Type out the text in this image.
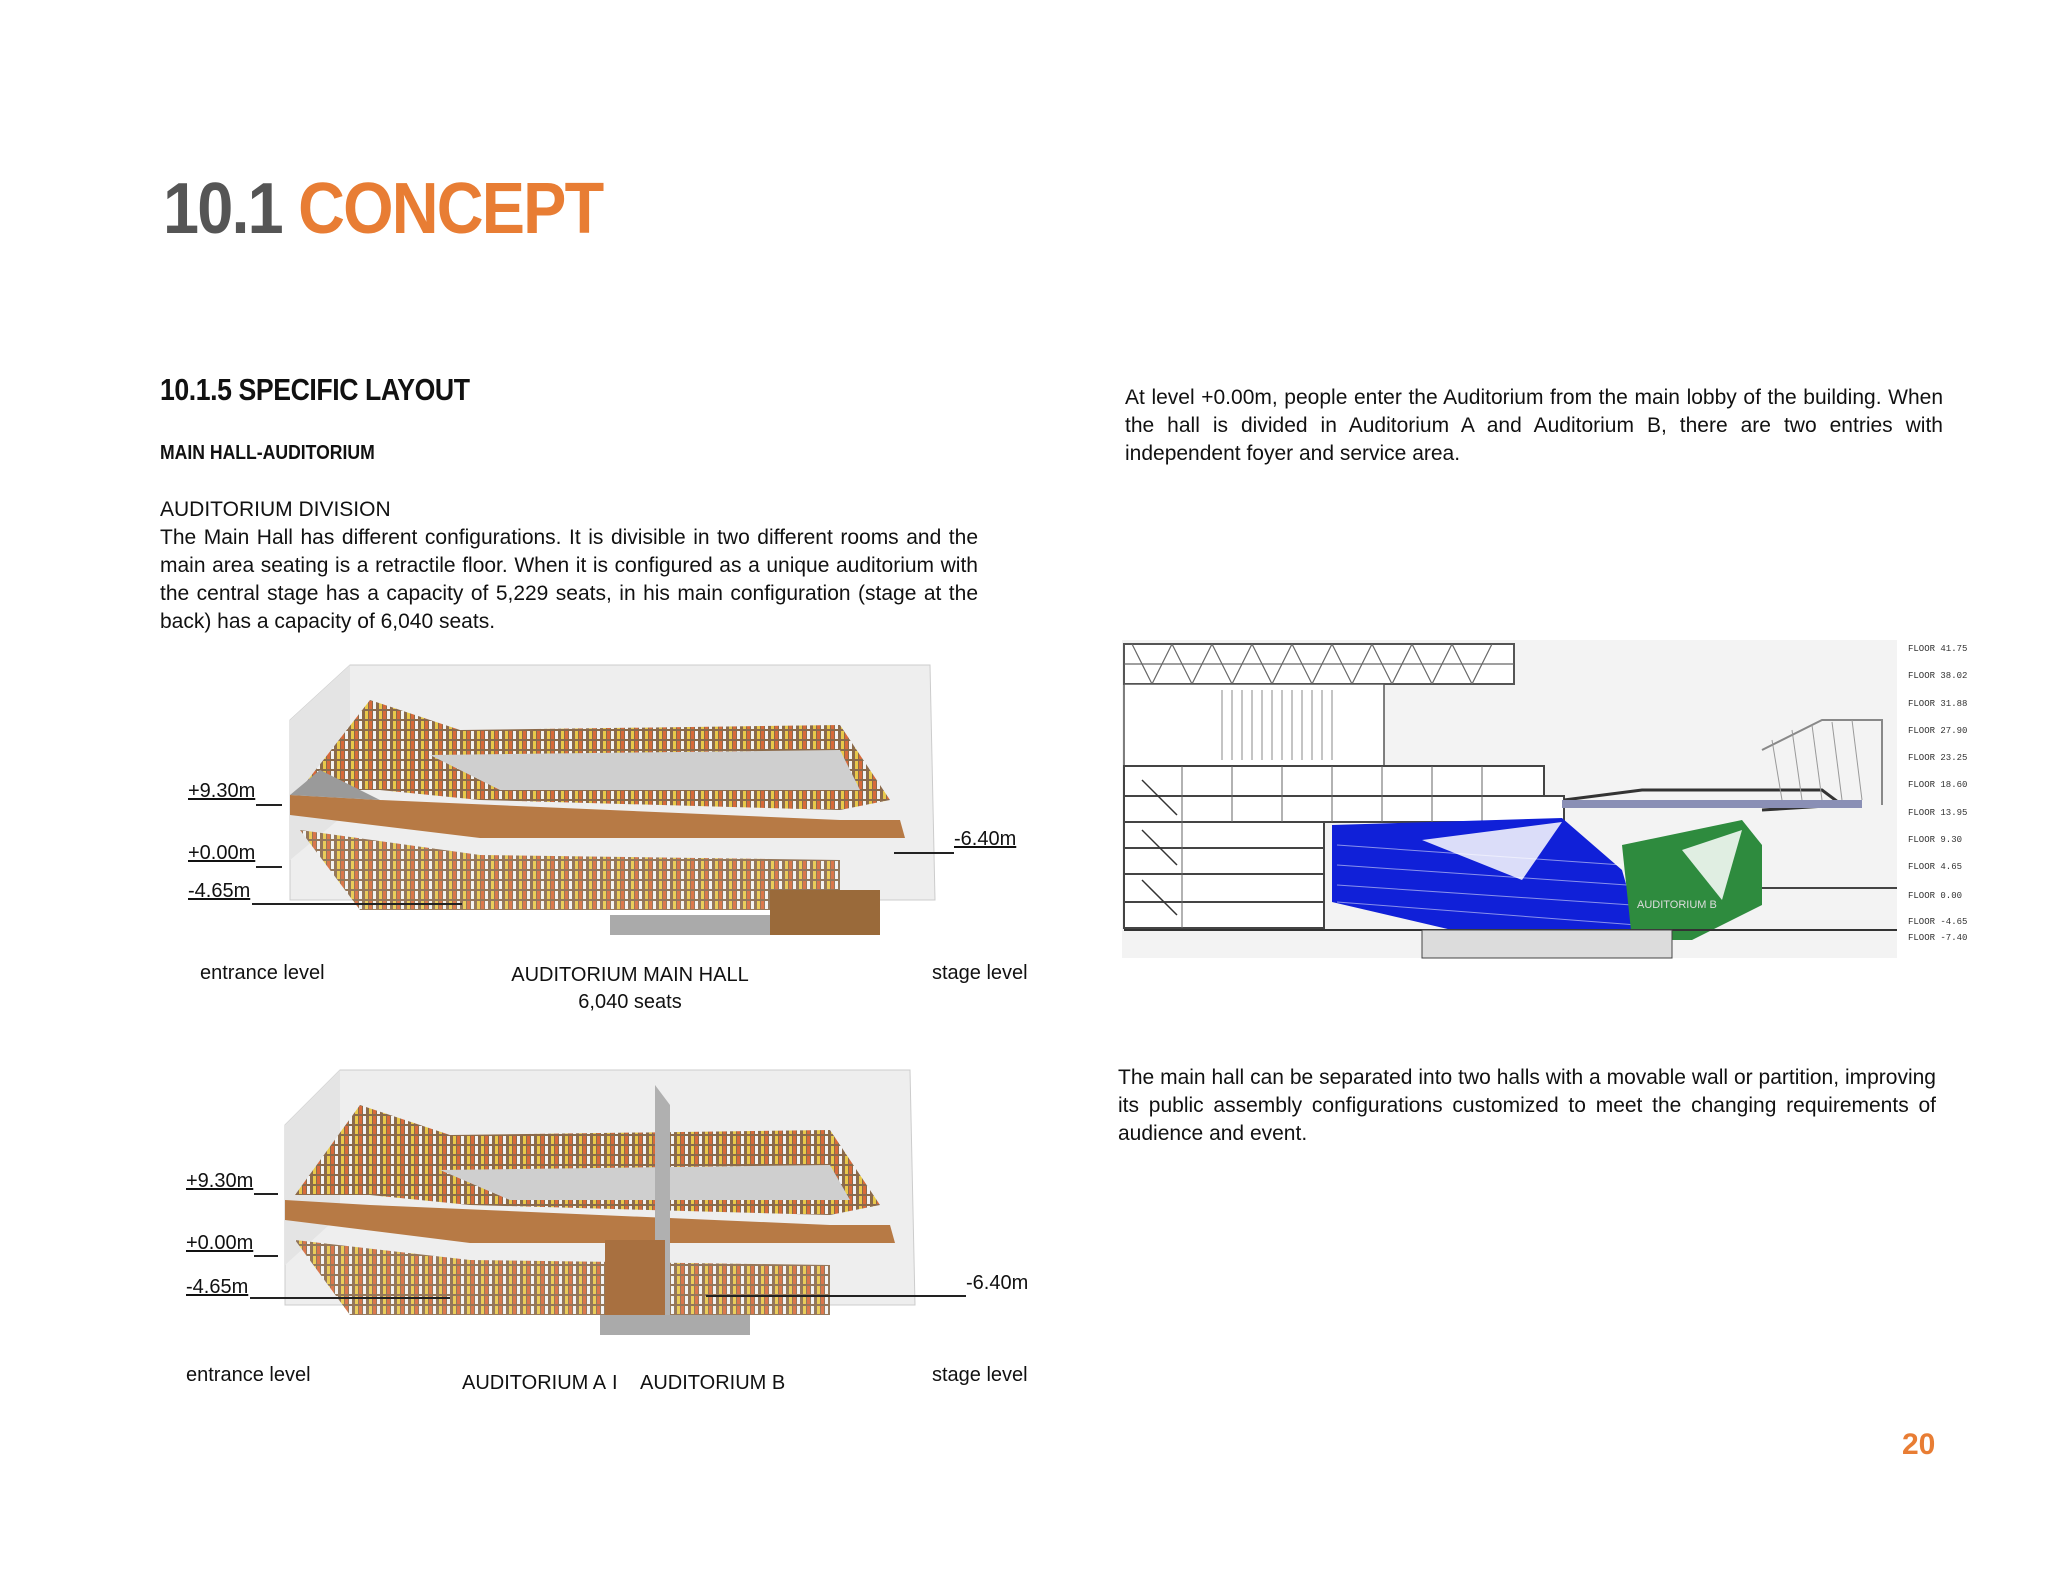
10.1 CONCEPT
10.1.5 SPECIFIC LAYOUT
MAIN HALL-AUDITORIUM
AUDITORIUM DIVISION
The Main Hall has different configurations. It is divisible in two different rooms and the main area seating is a retractile floor. When it is configured as a unique auditorium with the central stage has a capacity of 5,229 seats, in his main configuration (stage at the back) has a capacity of 6,040 seats.
At level +0.00m, people enter the Auditorium from the main lobby of the building. When the hall is divided in Auditorium A and Auditorium B, there are two entries with independent foyer and service area.
The main hall can be separated into two halls with a movable wall or partition, improving its public assembly configurations customized to meet the changing requirements of audience and event.
+9.30m
+0.00m
-4.65m
-6.40m
entrance level	AUDITORIUM MAIN HALL
6,040 seats
stage level
+9.30m
+0.00m
-4.65m	-6.40m
entrance level	AUDITORIUM A I AUDITORIUM B	stage level
AUDITORIUM B
FLOOR 41.75
FLOOR 38.02
FLOOR 31.88
FLOOR 27.90
FLOOR 23.25
FLOOR 18.60
FLOOR 13.95
FLOOR 9.30
FLOOR 4.65
FLOOR 0.00
FLOOR -4.65
FLOOR -7.40
20
